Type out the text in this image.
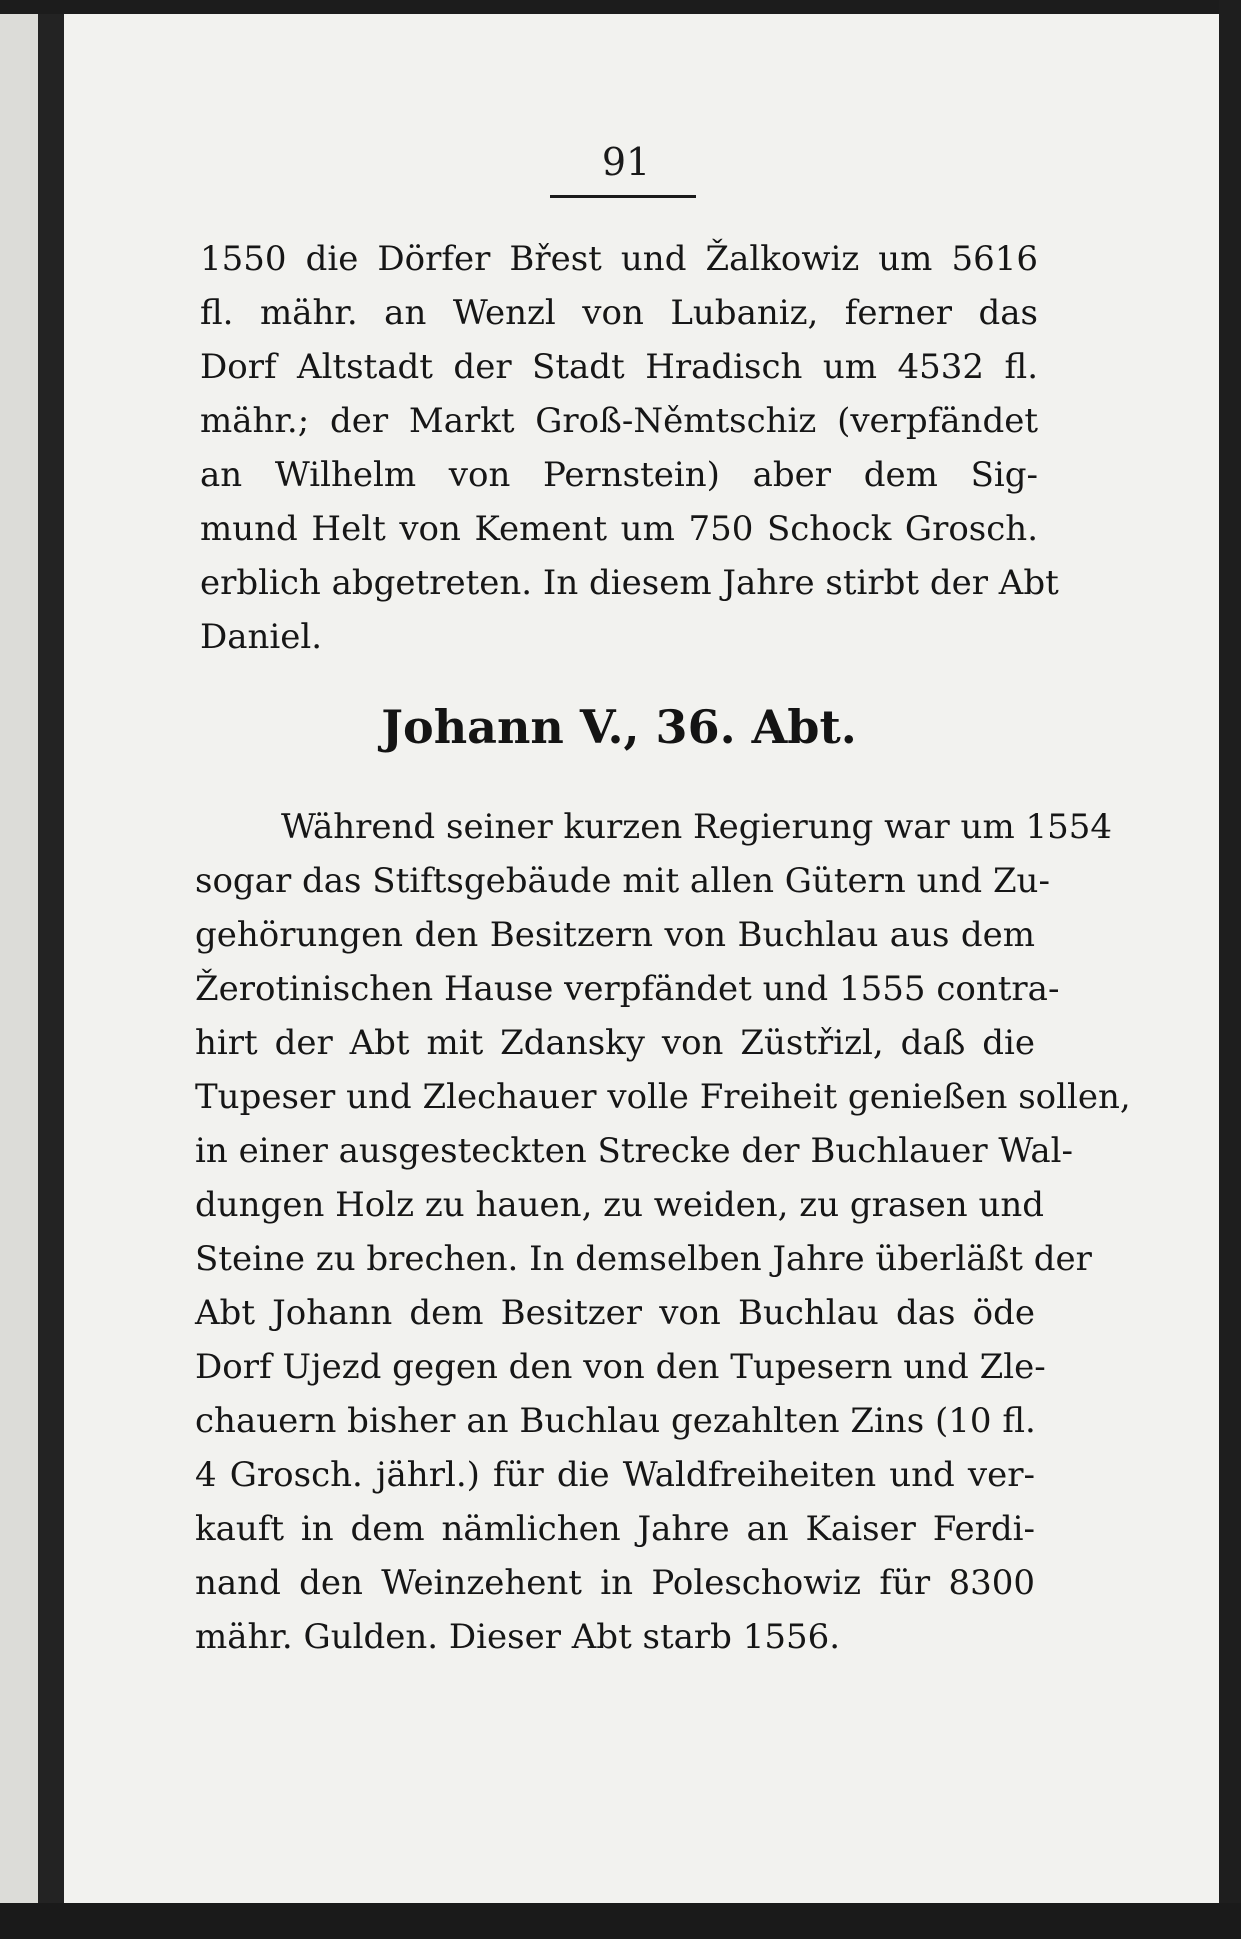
91
1550 die Dörfer Břest und Žalkowiz um 5616
fl. mähr. an Wenzl von Lubaniz, ferner das
Dorf Altstadt der Stadt Hradisch um 4532 fl.
mähr.; der Markt Groß-Němtschiz (verpfändet
an Wilhelm von Pernstein) aber dem Sig-
mund Helt von Kement um 750 Schock Grosch.
erblich abgetreten. In diesem Jahre stirbt der Abt
Daniel.
Johann V., 36. Abt.
Während seiner kurzen Regierung war um 1554
sogar das Stiftsgebäude mit allen Gütern und Zu-
gehörungen den Besitzern von Buchlau aus dem
Žerotinischen Hause verpfändet und 1555 contra-
hirt der Abt mit Zdansky von Züstřizl, daß die
Tupeser und Zlechauer volle Freiheit genießen sollen,
in einer ausgesteckten Strecke der Buchlauer Wal-
dungen Holz zu hauen, zu weiden, zu grasen und
Steine zu brechen. In demselben Jahre überläßt der
Abt Johann dem Besitzer von Buchlau das öde
Dorf Ujezd gegen den von den Tupesern und Zle-
chauern bisher an Buchlau gezahlten Zins (10 fl.
4 Grosch. jährl.) für die Waldfreiheiten und ver-
kauft in dem nämlichen Jahre an Kaiser Ferdi-
nand den Weinzehent in Poleschowiz für 8300
mähr. Gulden. Dieser Abt starb 1556.
